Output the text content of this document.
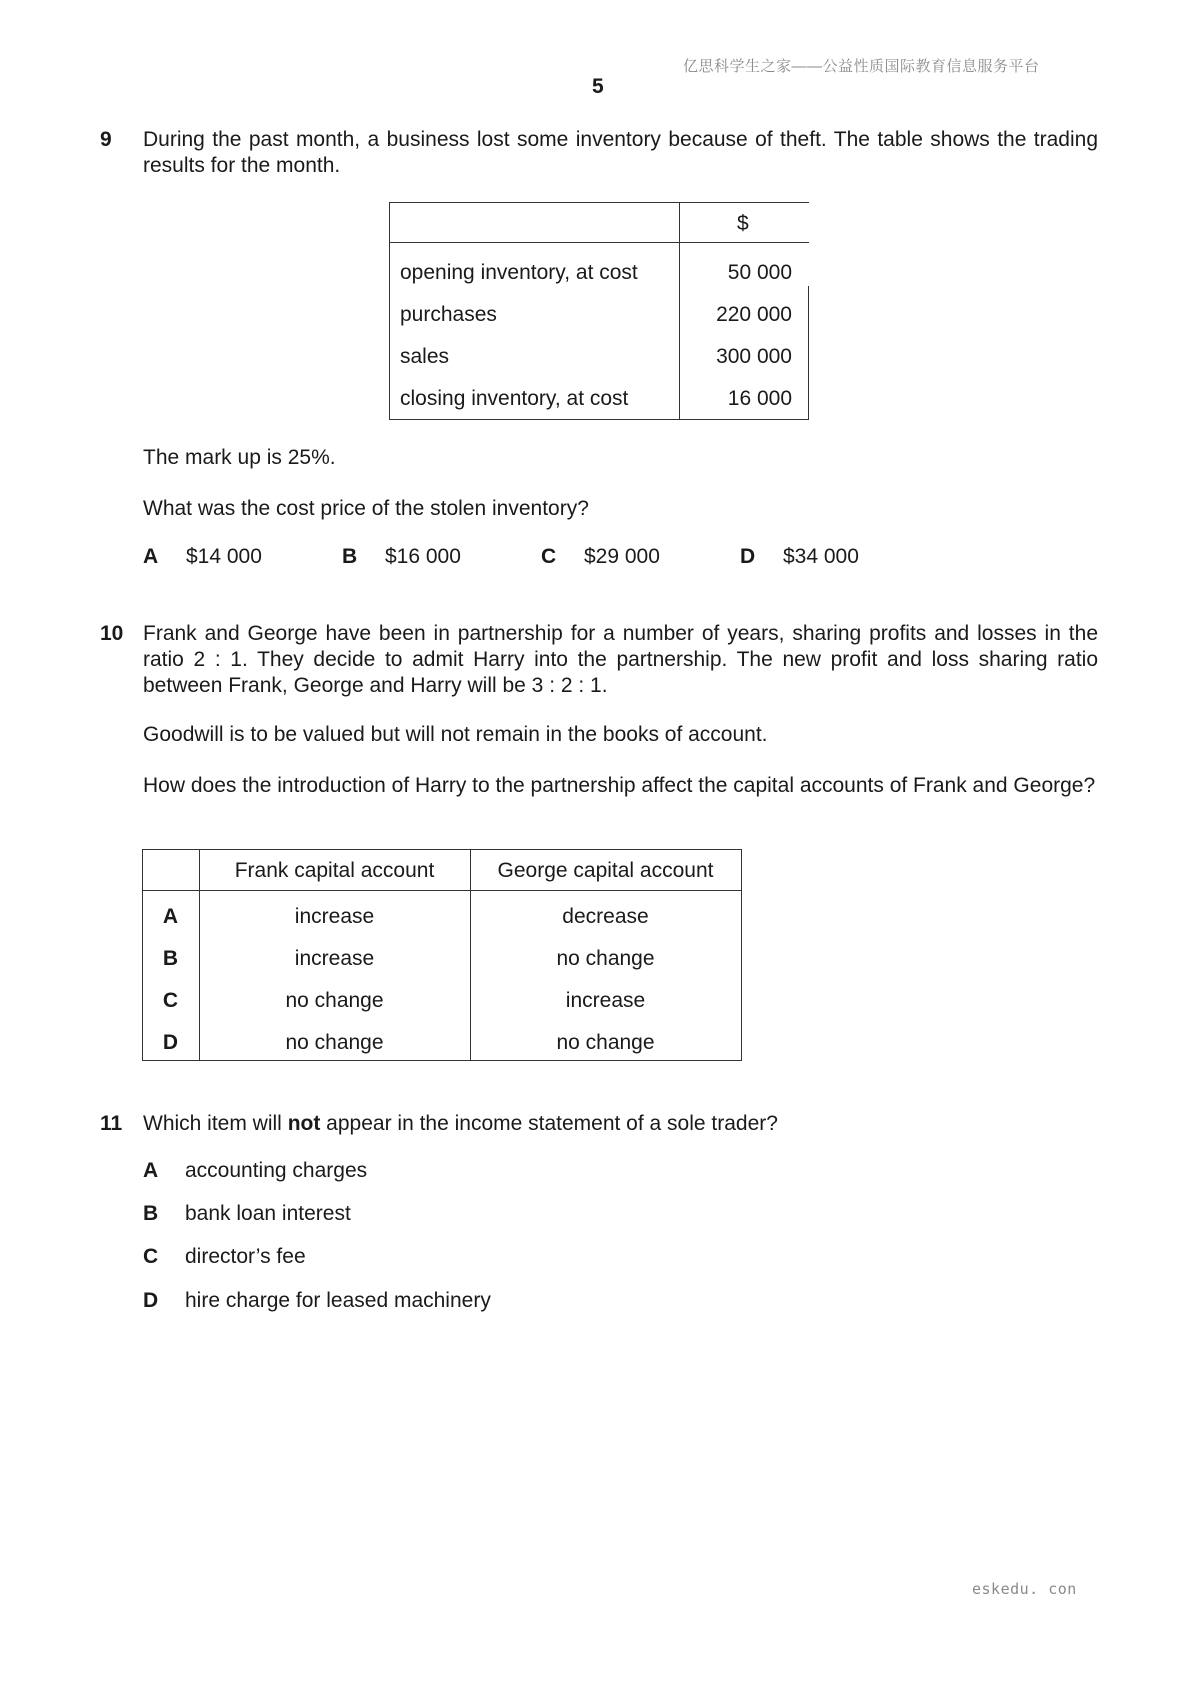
亿思科学生之家——公益性质国际教育信息服务平台
5
9 During the past month, a business lost some inventory because of theft. The table shows the trading results for the month.
$
opening inventory, at cost	50 000
purchases	220 000
sales	300 000
closing inventory, at cost	16 000
The mark up is 25%.
What was the cost price of the stolen inventory?
A $14 000	B $16 000	C $29 000	D $34 000
10 Frank and George have been in partnership for a number of years, sharing profits and losses in the ratio 2 : 1. They decide to admit Harry into the partnership. The new profit and loss sharing ratio between Frank, George and Harry will be 3 : 2 : 1.
Goodwill is to be valued but will not remain in the books of account.
How does the introduction of Harry to the partnership affect the capital accounts of Frank and George?
Frank capital account	George capital account
A	increase	decrease
B	increase	no change
C	no change	increase
D	no change	no change
11 Which item will not appear in the income statement of a sole trader?
A accounting charges
B bank loan interest
C director’s fee
D hire charge for leased machinery
eskedu. con
